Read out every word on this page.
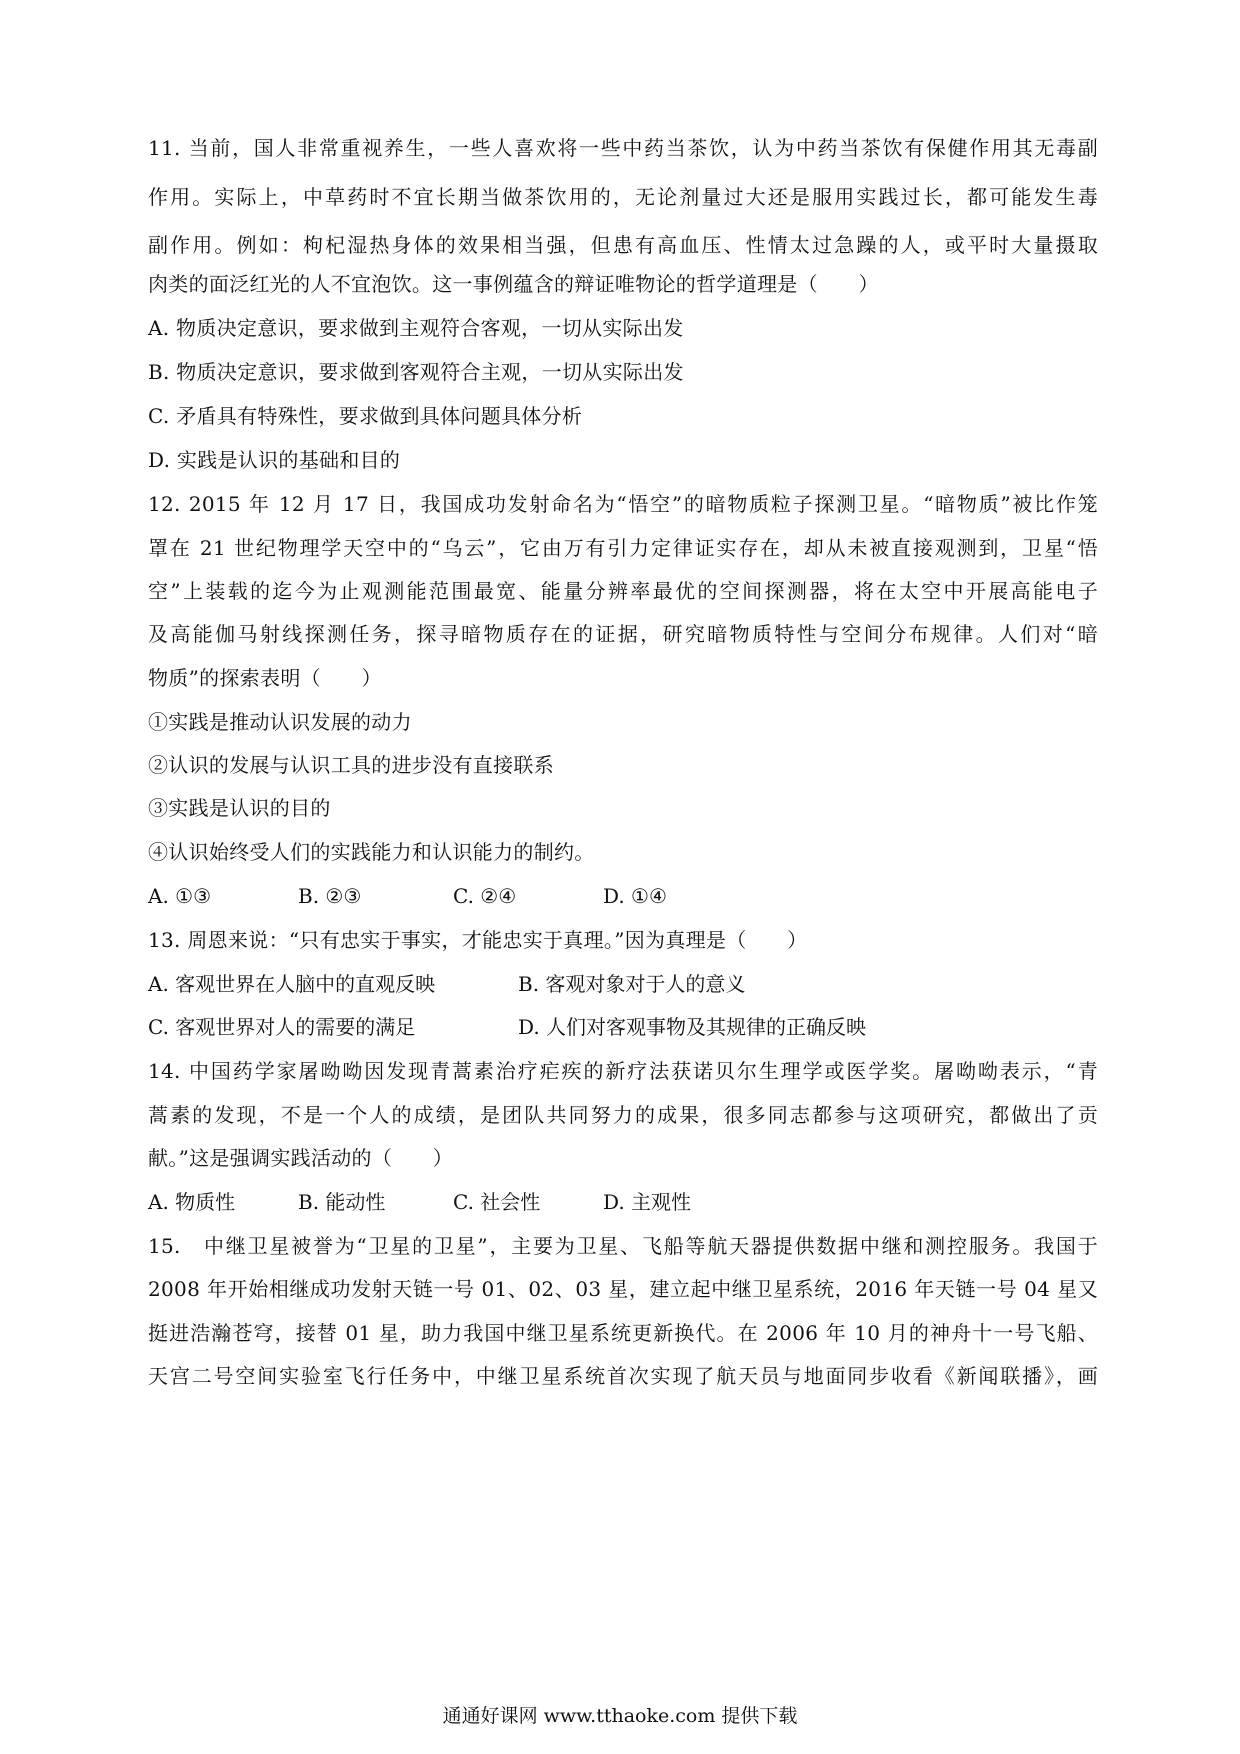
11. 当前，国人非常重视养生，一些人喜欢将一些中药当茶饮，认为中药当茶饮有保健作用其无毒副
作用。实际上，中草药时不宜长期当做茶饮用的，无论剂量过大还是服用实践过长，都可能发生毒
副作用。例如：枸杞湿热身体的效果相当强，但患有高血压、性情太过急躁的人，或平时大量摄取
肉类的面泛红光的人不宜泡饮。这一事例蕴含的辩证唯物论的哲学道理是（　　）
A. 物质决定意识，要求做到主观符合客观，一切从实际出发
B. 物质决定意识，要求做到客观符合主观，一切从实际出发
C. 矛盾具有特殊性，要求做到具体问题具体分析
D. 实践是认识的基础和目的
12. 2015 年 12 月 17 日，我国成功发射命名为“悟空”的暗物质粒子探测卫星。“暗物质”被比作笼
罩在 21 世纪物理学天空中的“乌云”，它由万有引力定律证实存在，却从未被直接观测到，卫星“悟
空”上装载的迄今为止观测能范围最宽、能量分辨率最优的空间探测器，将在太空中开展高能电子
及高能伽马射线探测任务，探寻暗物质存在的证据，研究暗物质特性与空间分布规律。人们对“暗
物质”的探索表明（　　）
①实践是推动认识发展的动力
②认识的发展与认识工具的进步没有直接联系
③实践是认识的目的
④认识始终受人们的实践能力和认识能力的制约。
A. ①③	B. ②③	C. ②④	D. ①④
13. 周恩来说：“只有忠实于事实，才能忠实于真理。”因为真理是（　　）
A. 客观世界在人脑中的直观反映	B. 客观对象对于人的意义
C. 客观世界对人的需要的满足	D. 人们对客观事物及其规律的正确反映
14. 中国药学家屠呦呦因发现青蒿素治疗疟疾的新疗法获诺贝尔生理学或医学奖。屠呦呦表示，“青
蒿素的发现，不是一个人的成绩，是团队共同努力的成果，很多同志都参与这项研究，都做出了贡
献。”这是强调实践活动的（　　）
A. 物质性	B. 能动性	C. 社会性	D. 主观性
15.　中继卫星被誉为“卫星的卫星”，主要为卫星、飞船等航天器提供数据中继和测控服务。我国于
2008 年开始相继成功发射天链一号 01、02、03 星，建立起中继卫星系统，2016 年天链一号 04 星又
挺进浩瀚苍穹，接替 01 星，助力我国中继卫星系统更新换代。在 2006 年 10 月的神舟十一号飞船、
天宫二号空间实验室飞行任务中，中继卫星系统首次实现了航天员与地面同步收看《新闻联播》，画
通通好课网 www.tthaoke.com 提供下载
